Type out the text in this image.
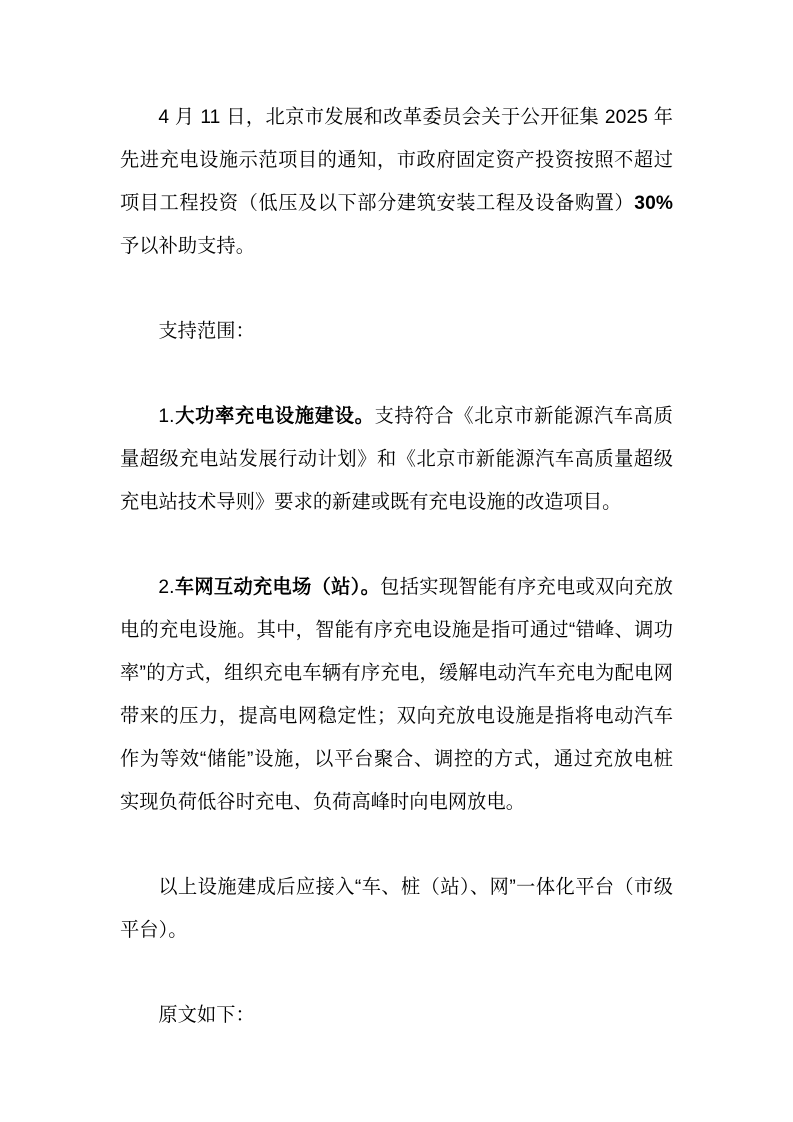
4 月 11 日，北京市发展和改革委员会关于公开征集 2025 年先进充电设施示范项目的通知，市政府固定资产投资按照不超过项目工程投资（低压及以下部分建筑安装工程及设备购置）30%予以补助支持。

支持范围：

1.大功率充电设施建设。支持符合《北京市新能源汽车高质量超级充电站发展行动计划》和《北京市新能源汽车高质量超级充电站技术导则》要求的新建或既有充电设施的改造项目。

2.车网互动充电场（站）。包括实现智能有序充电或双向充放电的充电设施。其中，智能有序充电设施是指可通过“错峰、调功率”的方式，组织充电车辆有序充电，缓解电动汽车充电为配电网带来的压力，提高电网稳定性；双向充放电设施是指将电动汽车作为等效“储能”设施，以平台聚合、调控的方式，通过充放电桩实现负荷低谷时充电、负荷高峰时向电网放电。

以上设施建成后应接入“车、桩（站）、网”一体化平台（市级平台）。

原文如下：
